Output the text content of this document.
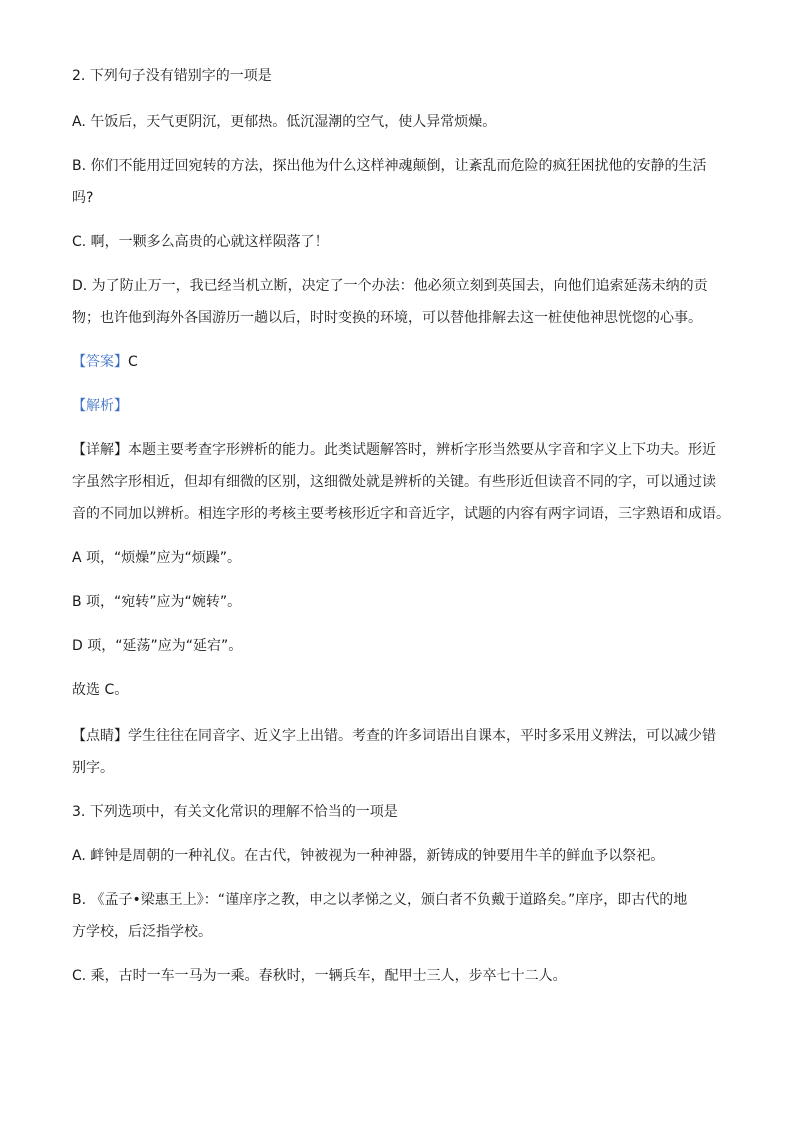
2. 下列句子没有错别字的一项是
A. 午饭后，天气更阴沉，更郁热。低沉湿潮的空气，使人异常烦燥。
B. 你们不能用迂回宛转的方法，探出他为什么这样神魂颠倒，让紊乱而危险的疯狂困扰他的安静的生活
吗?
C. 啊，一颗多么高贵的心就这样陨落了！
D. 为了防止万一，我已经当机立断，决定了一个办法：他必须立刻到英国去，向他们追索延荡未纳的贡
物；也许他到海外各国游历一趟以后，时时变换的环境，可以替他排解去这一桩使他神思恍惚的心事。
【答案】C
【解析】
【详解】本题主要考查字形辨析的能力。此类试题解答时，辨析字形当然要从字音和字义上下功夫。形近
字虽然字形相近，但却有细微的区别，这细微处就是辨析的关键。有些形近但读音不同的字，可以通过读
音的不同加以辨析。相连字形的考核主要考核形近字和音近字，试题的内容有两字词语，三字熟语和成语。
A 项，“烦燥”应为“烦躁”。
B 项，“宛转”应为“婉转”。
D 项，“延荡”应为“延宕”。
故选 C。
【点睛】学生往往在同音字、近义字上出错。考查的许多词语出自课本，平时多采用义辨法，可以减少错
别字。
3. 下列选项中，有关文化常识的理解不恰当的一项是
A. 衅钟是周朝的一种礼仪。在古代，钟被视为一种神器，新铸成的钟要用牛羊的鲜血予以祭祀。
B. 《孟子•梁惠王上》：“谨庠序之教，申之以孝悌之义，颁白者不负戴于道路矣。”庠序，即古代的地
方学校，后泛指学校。
C. 乘，古时一车一马为一乘。春秋时，一辆兵车，配甲士三人，步卒七十二人。
